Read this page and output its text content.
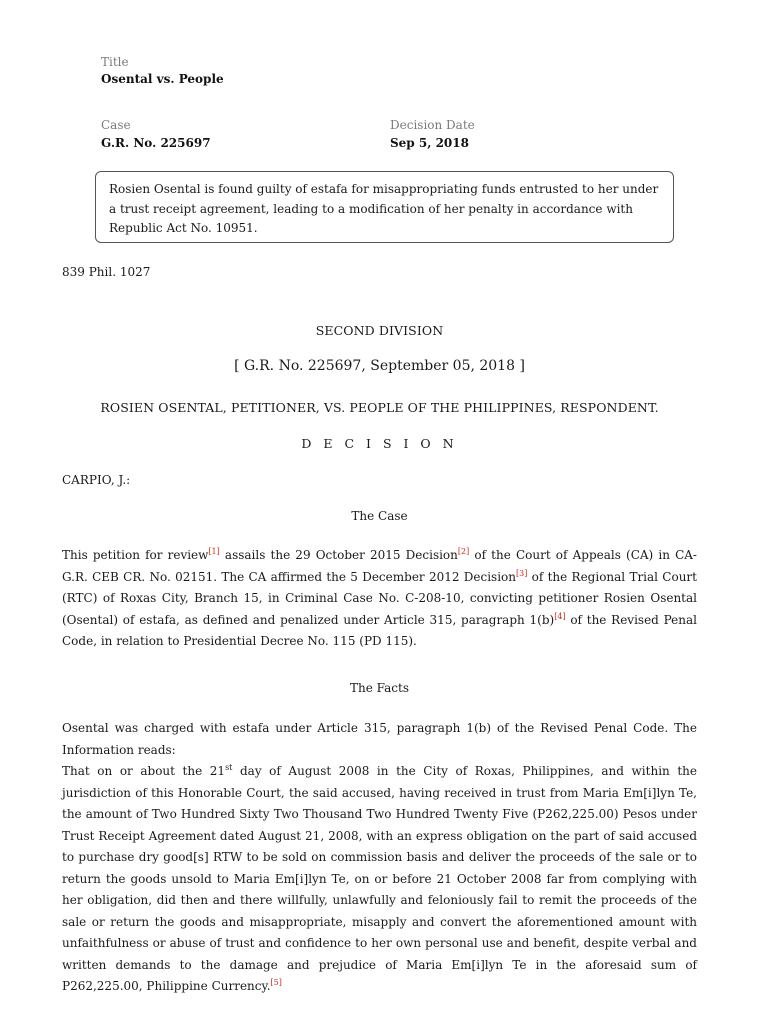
Title
Osental vs. People
Case
G.R. No. 225697
Decision Date
Sep 5, 2018
Rosien Osental is found guilty of estafa for misappropriating funds entrusted to her under a trust receipt agreement, leading to a modification of her penalty in accordance with Republic Act No. 10951.
839 Phil. 1027
SECOND DIVISION
[ G.R. No. 225697, September 05, 2018 ]
ROSIEN OSENTAL, PETITIONER, VS. PEOPLE OF THE PHILIPPINES, RESPONDENT.
D E C I S I O N
CARPIO, J.:
The Case
This petition for review[1] assails the 29 October 2015 Decision[2] of the Court of Appeals (CA) in CA-G.R. CEB CR. No. 02151. The CA affirmed the 5 December 2012 Decision[3] of the Regional Trial Court (RTC) of Roxas City, Branch 15, in Criminal Case No. C-208-10, convicting petitioner Rosien Osental (Osental) of estafa, as defined and penalized under Article 315, paragraph 1(b)[4] of the Revised Penal Code, in relation to Presidential Decree No. 115 (PD 115).
The Facts
Osental was charged with estafa under Article 315, paragraph 1(b) of the Revised Penal Code. The Information reads:
That on or about the 21st day of August 2008 in the City of Roxas, Philippines, and within the jurisdiction of this Honorable Court, the said accused, having received in trust from Maria Em[i]lyn Te, the amount of Two Hundred Sixty Two Thousand Two Hundred Twenty Five (P262,225.00) Pesos under Trust Receipt Agreement dated August 21, 2008, with an express obligation on the part of said accused to purchase dry good[s] RTW to be sold on commission basis and deliver the proceeds of the sale or to return the goods unsold to Maria Em[i]lyn Te, on or before 21 October 2008 far from complying with her obligation, did then and there willfully, unlawfully and feloniously fail to remit the proceeds of the sale or return the goods and misappropriate, misapply and convert the aforementioned amount with unfaithfulness or abuse of trust and confidence to her own personal use and benefit, despite verbal and written demands to the damage and prejudice of Maria Em[i]lyn Te in the aforesaid sum of P262,225.00, Philippine Currency.[5]
